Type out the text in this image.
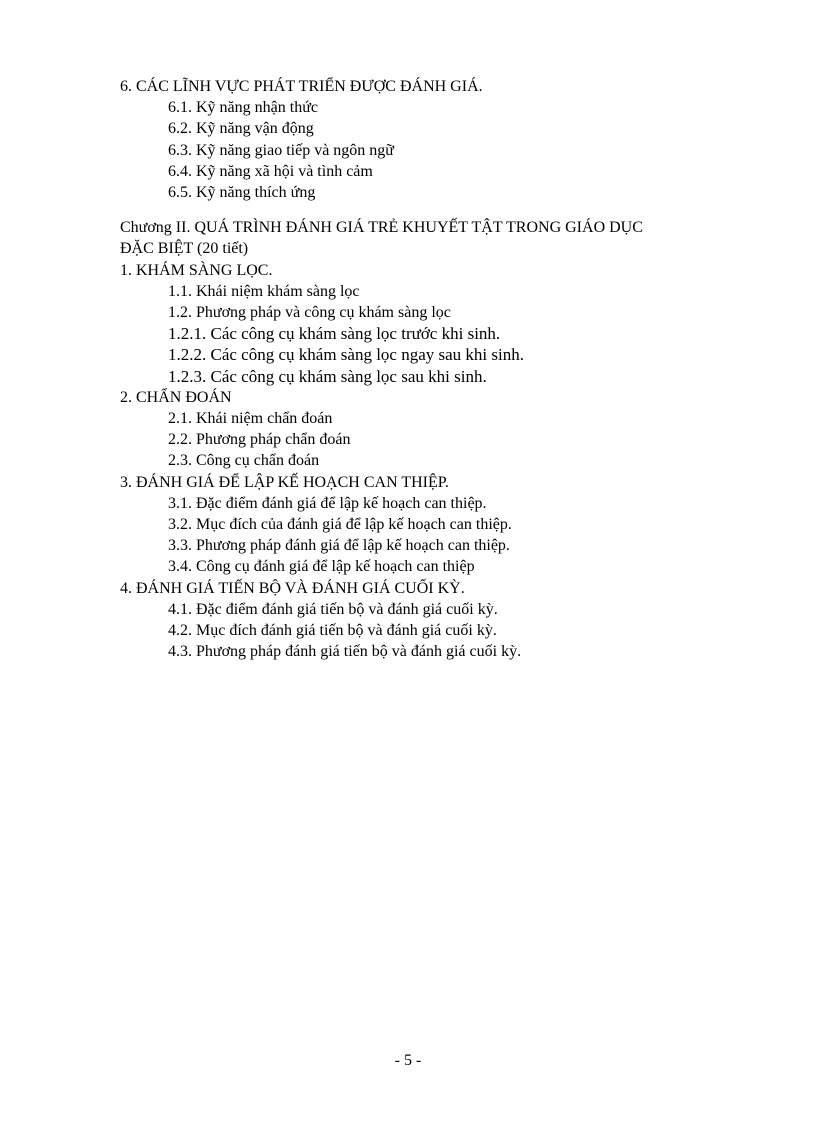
6. CÁC LĨNH VỰC PHÁT TRIỂN ĐƯỢC ĐÁNH GIÁ.
6.1. Kỹ năng nhận thức
6.2. Kỹ năng vận động
6.3. Kỹ năng giao tiếp và ngôn ngữ
6.4. Kỹ năng xã hội và tình cảm
6.5. Kỹ năng thích ứng
Chương II. QUÁ TRÌNH ĐÁNH GIÁ TRẺ KHUYẾT TẬT TRONG GIÁO DỤC
ĐẶC BIỆT (20 tiết)
1. KHÁM SÀNG LỌC.
1.1. Khái niệm khám sàng lọc
1.2. Phương pháp và công cụ khám sàng lọc
1.2.1. Các công cụ khám sàng lọc trước khi sinh.
1.2.2. Các công cụ khám sàng lọc ngay sau khi sinh.
1.2.3. Các công cụ khám sàng lọc sau khi sinh.
2. CHẨN ĐOÁN
2.1. Khái niệm chẩn đoán
2.2. Phương pháp chẩn đoán
2.3. Công cụ chẩn đoán
3. ĐÁNH GIÁ ĐỂ LẬP KẾ HOẠCH CAN THIỆP.
3.1. Đặc điểm đánh giá để lập kế hoạch can thiệp.
3.2. Mục đích của đánh giá để lập kế hoạch can thiệp.
3.3. Phương pháp đánh giá để lập kế hoạch can thiệp.
3.4. Công cụ đánh giá để lập kế hoạch can thiệp
4. ĐÁNH GIÁ TIẾN BỘ VÀ ĐÁNH GIÁ CUỐI KỲ.
4.1. Đặc điểm đánh giá tiến bộ và đánh giá cuối kỳ.
4.2. Mục đích đánh giá tiến bộ và đánh giá cuối kỳ.
4.3. Phương pháp đánh giá tiến bộ và đánh giá cuối kỳ.
- 5 -
